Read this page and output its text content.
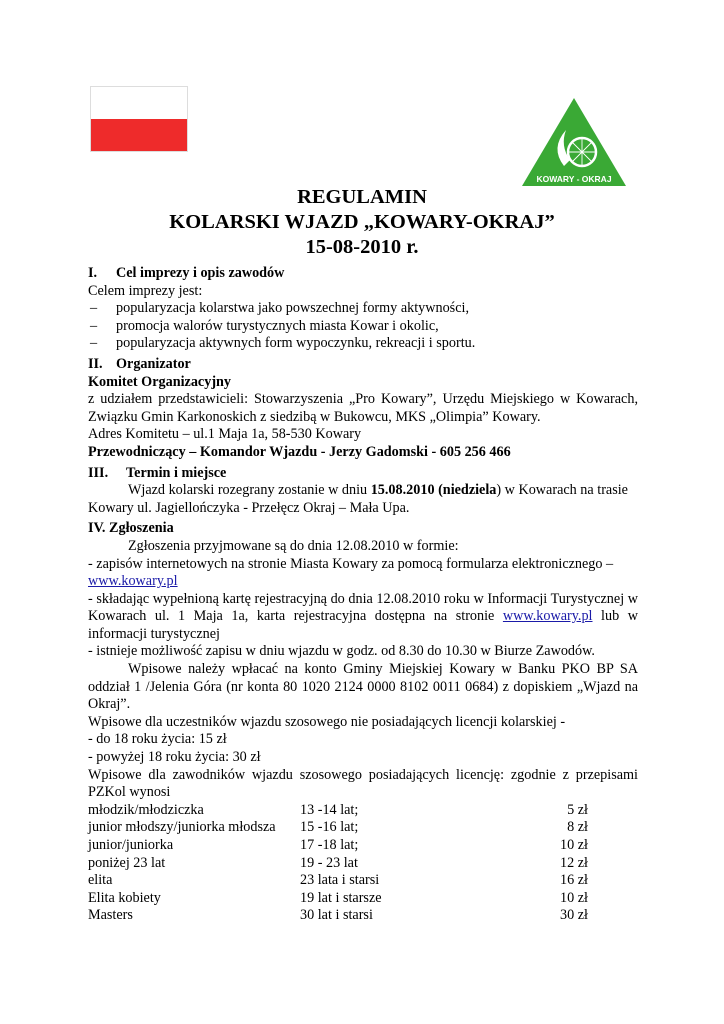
KOWARY - OKRAJ
REGULAMIN
KOLARSKI WJAZD „KOWARY-OKRAJ”
15-08-2010 r.

I. Cel imprezy i opis zawodów

Celem imprezy jest:

– popularyzacja kolarstwa jako powszechnej formy aktywności,

– promocja walorów turystycznych miasta Kowar i okolic,

– popularyzacja aktywnych form wypoczynku, rekreacji i sportu.

II. Organizator

Komitet Organizacyjny

z udziałem przedstawicieli: Stowarzyszenia „Pro Kowary”, Urzędu Miejskiego w Kowarach, Związku Gmin Karkonoskich z siedzibą w Bukowcu, MKS „Olimpia” Kowary.

Adres Komitetu – ul.1 Maja 1a, 58-530 Kowary

Przewodniczący – Komandor Wjazdu - Jerzy Gadomski - 605 256 466

III. Termin i miejsce

Wjazd kolarski rozegrany zostanie w dniu 15.08.2010 (niedziela) w Kowarach na trasie Kowary ul. Jagiellończyka - Przełęcz Okraj – Mała Upa.

IV. Zgłoszenia

Zgłoszenia przyjmowane są do dnia 12.08.2010 w formie:

- zapisów internetowych na stronie Miasta Kowary za pomocą formularza elektronicznego –

www.kowary.pl

- składając wypełnioną kartę rejestracyjną do dnia 12.08.2010 roku w Informacji Turystycznej w Kowarach ul. 1 Maja 1a, karta rejestracyjna dostępna na stronie www.kowary.pl lub w informacji turystycznej

- istnieje możliwość zapisu w dniu wjazdu w godz. od 8.30 do 10.30 w Biurze Zawodów.

Wpisowe należy wpłacać na konto Gminy Miejskiej Kowary w Banku PKO BP SA oddział 1 /Jelenia Góra (nr konta 80 1020 2124 0000 8102 0011 0684) z dopiskiem „Wjazd na Okraj”.

Wpisowe dla uczestników wjazdu szosowego nie posiadających licencji kolarskiej -

- do 18 roku życia: 15 zł

- powyżej 18 roku życia: 30 zł

Wpisowe dla zawodników wjazdu szosowego posiadających licencję: zgodnie z przepisami PZKol wynosi

młodzik/młodziczka	13 -14 lat;	5 zł
junior młodszy/juniorka młodsza	15 -16 lat;	8 zł
junior/juniorka	17 -18 lat;	10 zł
poniżej 23 lat	19 - 23 lat	12 zł
elita	23 lata i starsi	16 zł
Elita kobiety	19 lat i starsze	10 zł
Masters	30 lat i starsi	30 zł
